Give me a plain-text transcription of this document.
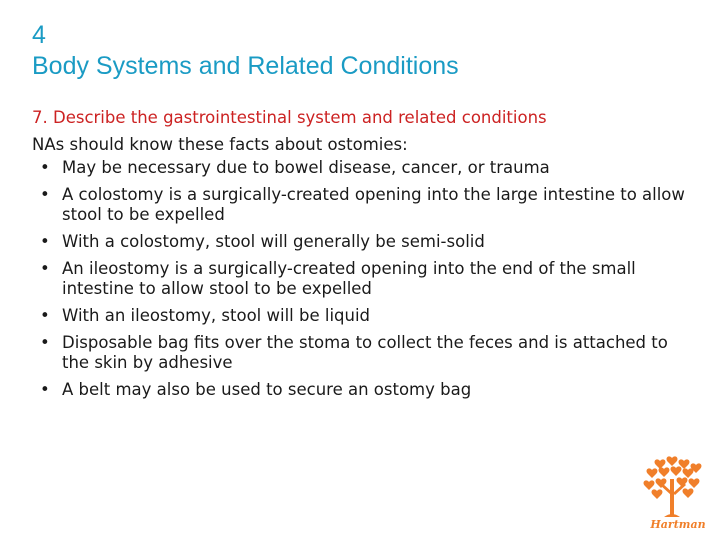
4
Body Systems and Related Conditions

7. Describe the gastrointestinal system and related conditions

NAs should know these facts about ostomies:

• May be necessary due to bowel disease, cancer, or trauma
• A colostomy is a surgically-created opening into the large intestine to allow stool to be expelled
• With a colostomy, stool will generally be semi-solid
• An ileostomy is a surgically-created opening into the end of the small intestine to allow stool to be expelled
• With an ileostomy, stool will be liquid
• Disposable bag fits over the stoma to collect the feces and is attached to the skin by adhesive
• A belt may also be used to secure an ostomy bag
Hartman
